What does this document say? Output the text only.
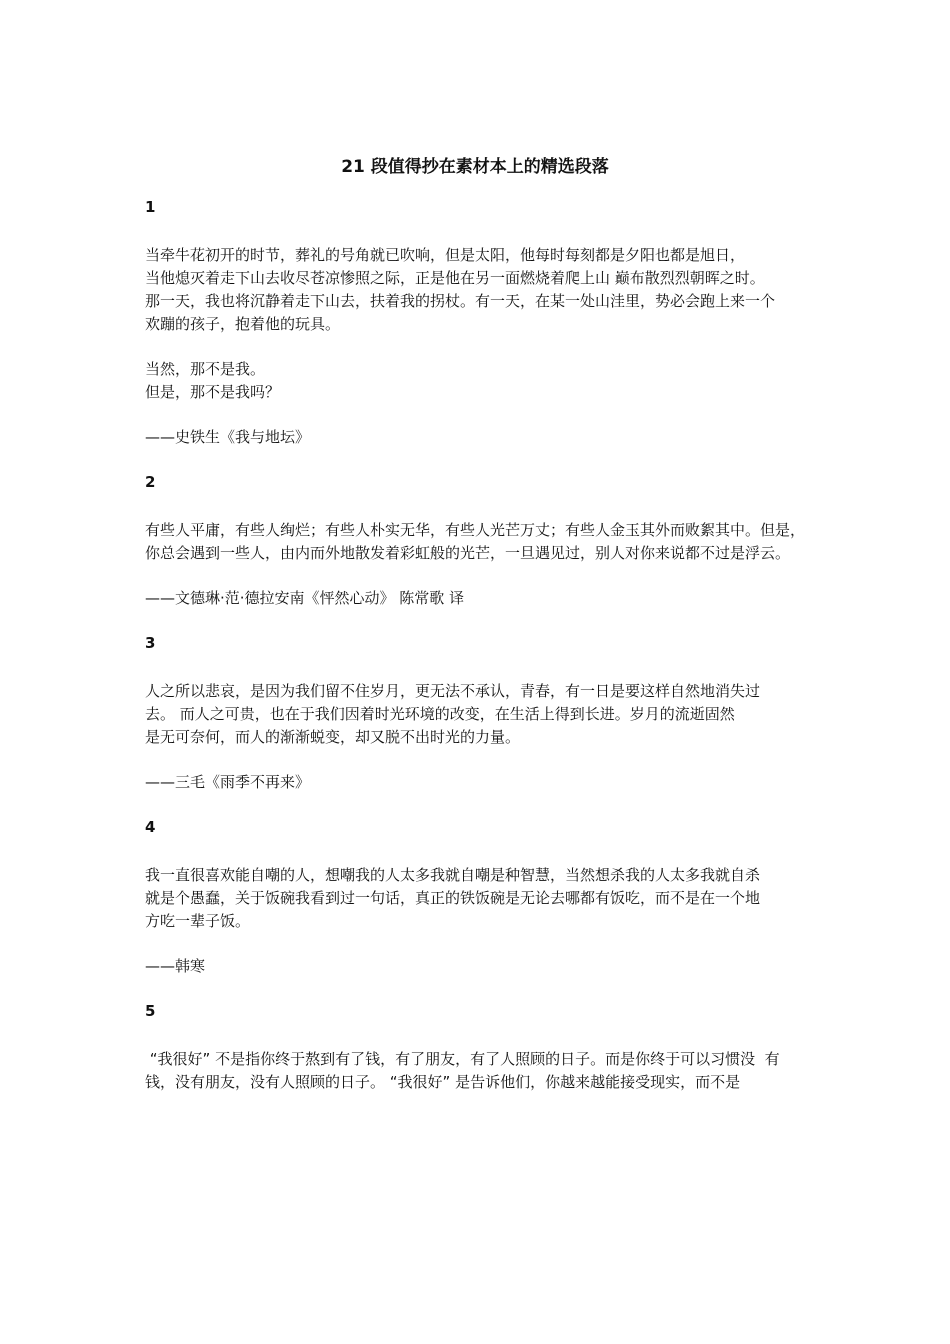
21 段值得抄在素材本上的精选段落

1

当牵牛花初开的时节，葬礼的号角就已吹响，但是太阳，他每时每刻都是夕阳也都是旭日，
当他熄灭着走下山去收尽苍凉惨照之际，正是他在另一面燃烧着爬上山 巅布散烈烈朝晖之时。
那一天，我也将沉静着走下山去，扶着我的拐杖。有一天，在某一处山洼里，势必会跑上来一个
欢蹦的孩子，抱着他的玩具。

当然，那不是我。
但是，那不是我吗？

——史铁生《我与地坛》

2

有些人平庸，有些人绚烂；有些人朴实无华，有些人光芒万丈；有些人金玉其外而败絮其中。但是，
你总会遇到一些人，由内而外地散发着彩虹般的光芒，一旦遇见过，别人对你来说都不过是浮云。

——文德琳·范·德拉安南《怦然心动》 陈常歌 译

3

人之所以悲哀，是因为我们留不住岁月，更无法不承认，青春，有一日是要这样自然地消失过
去。 而人之可贵，也在于我们因着时光环境的改变，在生活上得到长进。岁月的流逝固然
是无可奈何，而人的渐渐蜕变，却又脱不出时光的力量。

——三毛《雨季不再来》

4

我一直很喜欢能自嘲的人，想嘲我的人太多我就自嘲是种智慧，当然想杀我的人太多我就自杀
就是个愚蠢，关于饭碗我看到过一句话，真正的铁饭碗是无论去哪都有饭吃，而不是在一个地
方吃一辈子饭。

——韩寒

5

“我很好” 不是指你终于熬到有了钱，有了朋友，有了人照顾的日子。而是你终于可以习惯没  有
钱，没有朋友，没有人照顾的日子。 “我很好” 是告诉他们，你越来越能接受现实，而不是
